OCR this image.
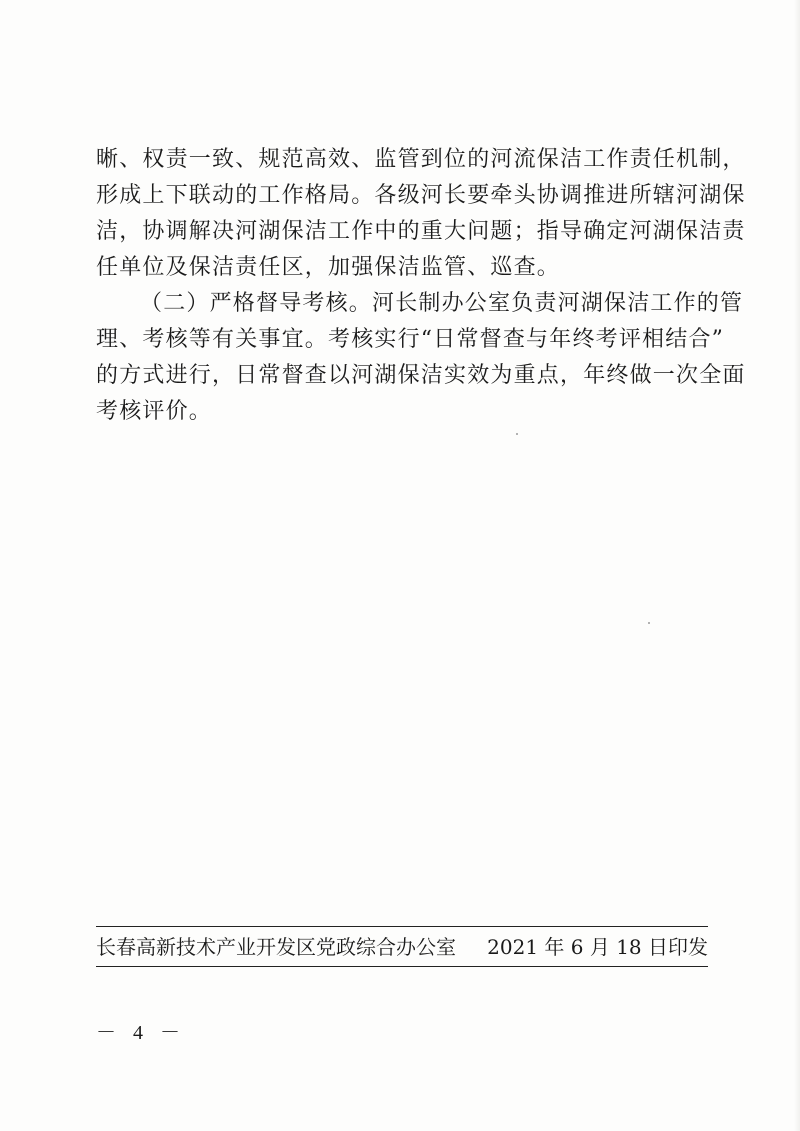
晰、权责一致、规范高效、监管到位的河流保洁工作责任机制，
形成上下联动的工作格局。各级河长要牵头协调推进所辖河湖保
洁，协调解决河湖保洁工作中的重大问题；指导确定河湖保洁责
任单位及保洁责任区，加强保洁监管、巡查。
（二）严格督导考核。河长制办公室负责河湖保洁工作的管
理、考核等有关事宜。考核实行“日常督查与年终考评相结合”
的方式进行，日常督查以河湖保洁实效为重点，年终做一次全面
考核评价。
长春高新技术产业开发区党政综合办公室 2021 年 6 月 18 日印发
－ 4 －
